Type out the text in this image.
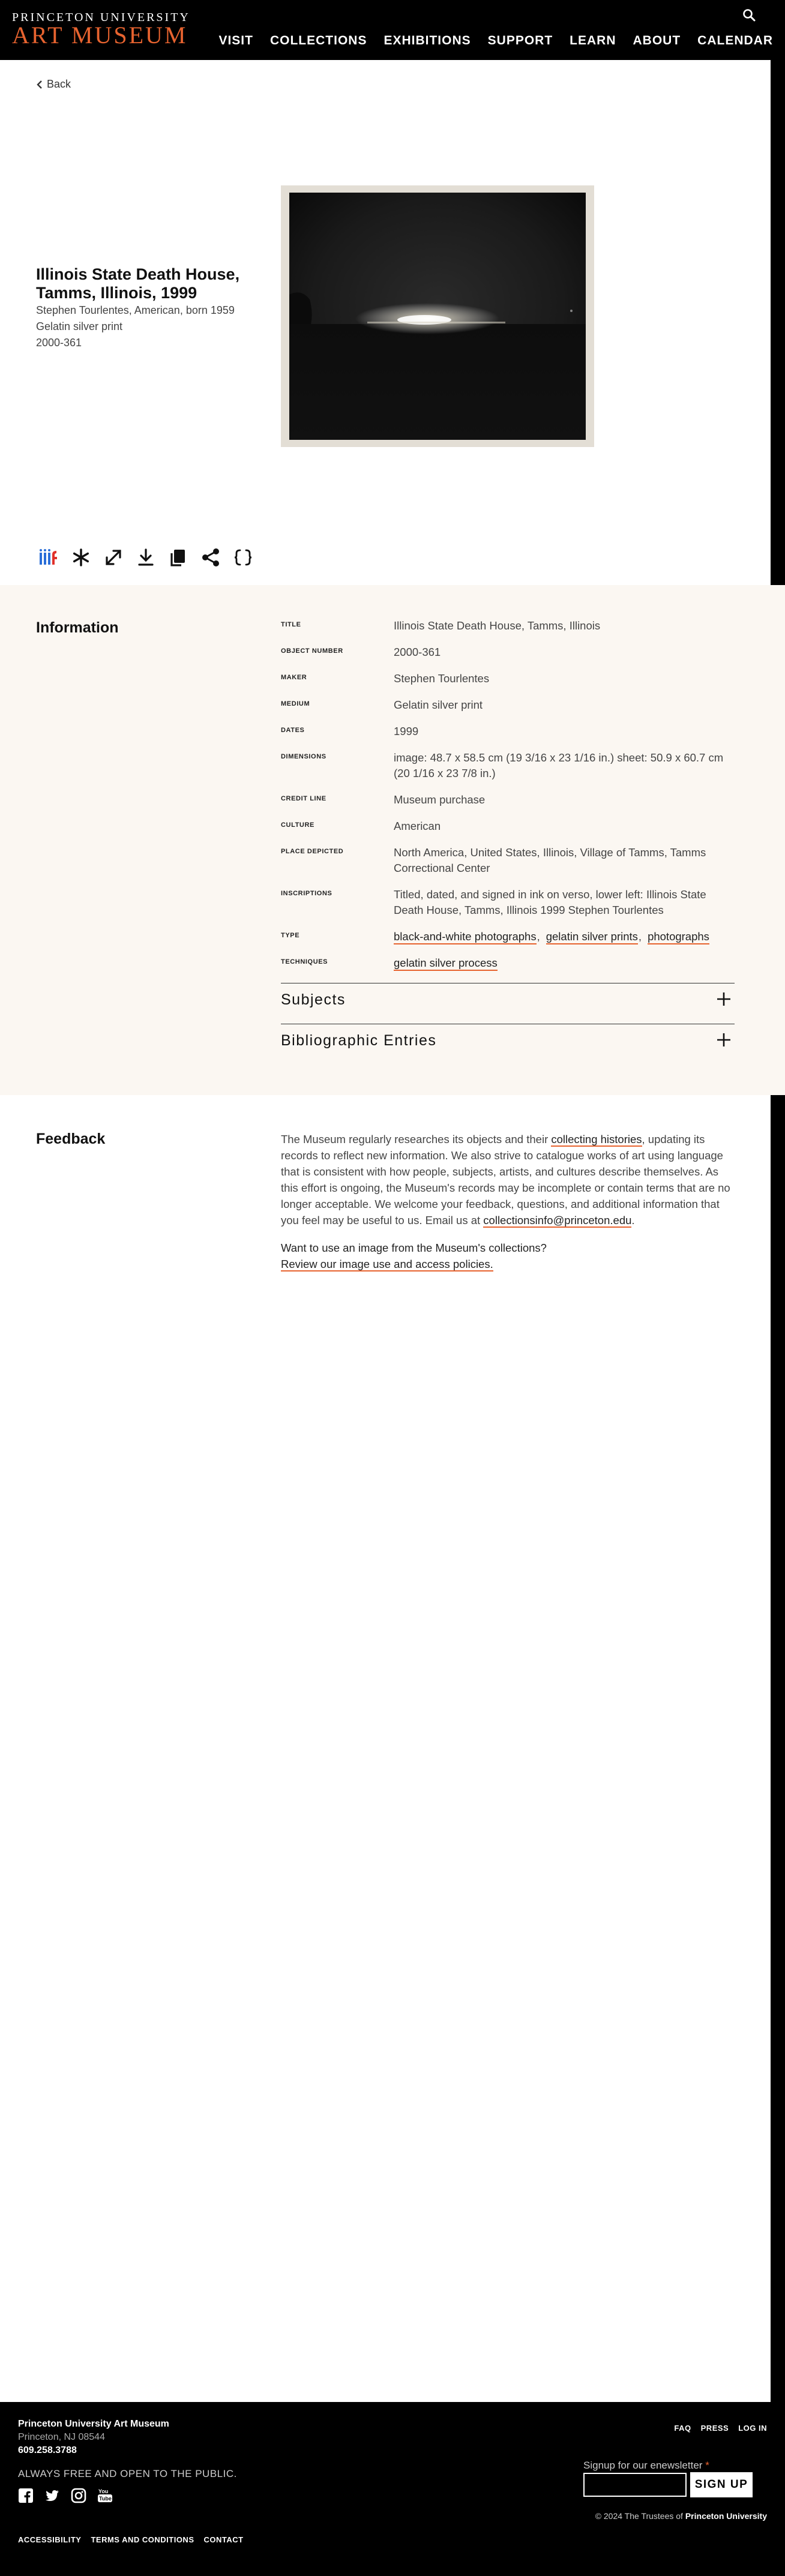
PRINCETON UNIVERSITY
ART MUSEUM VISIT COLLECTIONS EXHIBITIONS SUPPORT LEARN ABOUT CALENDAR
Back
Illinois State Death House, Tamms, Illinois, 1999
Stephen Tourlentes, American, born 1959
Gelatin silver print
2000-361
Information	TITLE	Illinois State Death House, Tamms, Illinois
OBJECT NUMBER	2000-361
MAKER	Stephen Tourlentes
MEDIUM	Gelatin silver print
DATES	1999
DIMENSIONS	image: 48.7 x 58.5 cm (19 3/16 x 23 1/16 in.) sheet: 50.9 x 60.7 cm (20 1/16 x 23 7/8 in.)
CREDIT LINE	Museum purchase
CULTURE	American
PLACE DEPICTED	North America, United States, Illinois, Village of Tamms, Tamms Correctional Center
INSCRIPTIONS	Titled, dated, and signed in ink on verso, lower left: Illinois State Death House, Tamms, Illinois 1999 Stephen Tourlentes
TYPE	black-and-white photographs, gelatin silver prints, photographs
TECHNIQUES	gelatin silver process
Subjects
Bibliographic Entries
Feedback	The Museum regularly researches its objects and their collecting histories, updating its records to reflect new information. We also strive to catalogue works of art using language that is consistent with how people, subjects, artists, and cultures describe themselves. As this effort is ongoing, the Museum's records may be incomplete or contain terms that are no longer acceptable. We welcome your feedback, questions, and additional information that you feel may be useful to us. Email us at collectionsinfo@princeton.edu.

Want to use an image from the Museum's collections?
Review our image use and access policies.
Princeton University Art Museum
Princeton, NJ 08544
609.258.3788
ALWAYS FREE AND OPEN TO THE PUBLIC.
You
Tube
ACCESSIBILITY TERMS AND CONDITIONS CONTACT
FAQ PRESS LOG IN
Signup for our enewsletter *
SIGN UP
© 2024 The Trustees of Princeton University
